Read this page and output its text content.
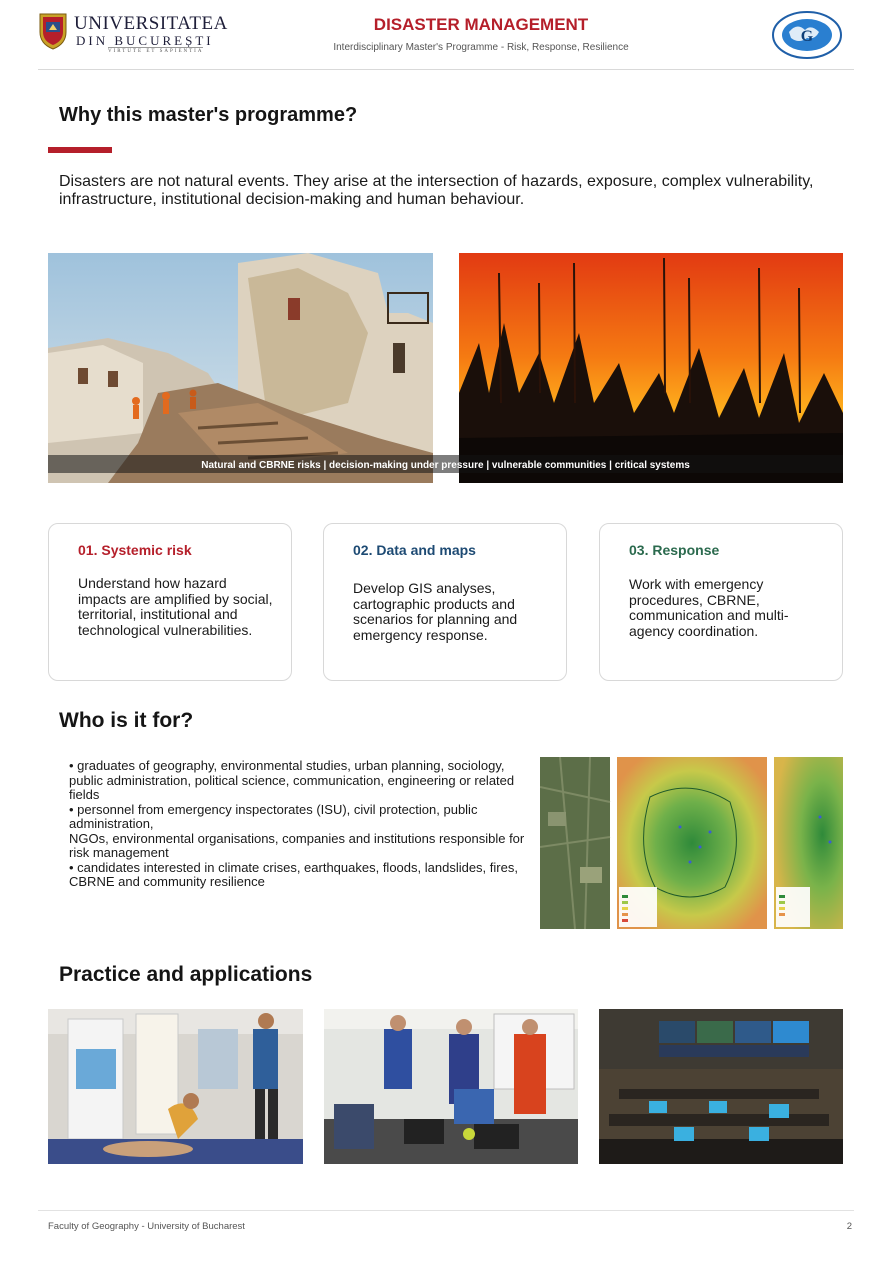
UNIVERSITATEA
DIN BUCUREȘTI
VIRTUTE ET SAPIENTIA
DISASTER MANAGEMENT
Interdisciplinary Master's Programme - Risk, Response, Resilience
G
Why this master's programme?
Disasters are not natural events. They arise at the intersection of hazards, exposure, complex vulnerability, infrastructure, institutional decision-making and human behaviour.
Natural and CBRNE risks | decision-making under pressure | vulnerable communities | critical systems
01. Systemic risk
Understand how hazard impacts are amplified by social, territorial, institutional and technological vulnerabilities.
02. Data and maps
Develop GIS analyses, cartographic products and scenarios for planning and emergency response.
03. Response
Work with emergency procedures, CBRNE, communication and multi-agency coordination.
Who is it for?

• graduates of geography, environmental studies, urban planning, sociology,

public administration, political science, communication, engineering or related fields

• personnel from emergency inspectorates (ISU), civil protection, public administration,

NGOs, environmental organisations, companies and institutions responsible for risk management

• candidates interested in climate crises, earthquakes, floods, landslides, fires,

CBRNE and community resilience

Practice and applications
Faculty of Geography - University of Bucharest	2
